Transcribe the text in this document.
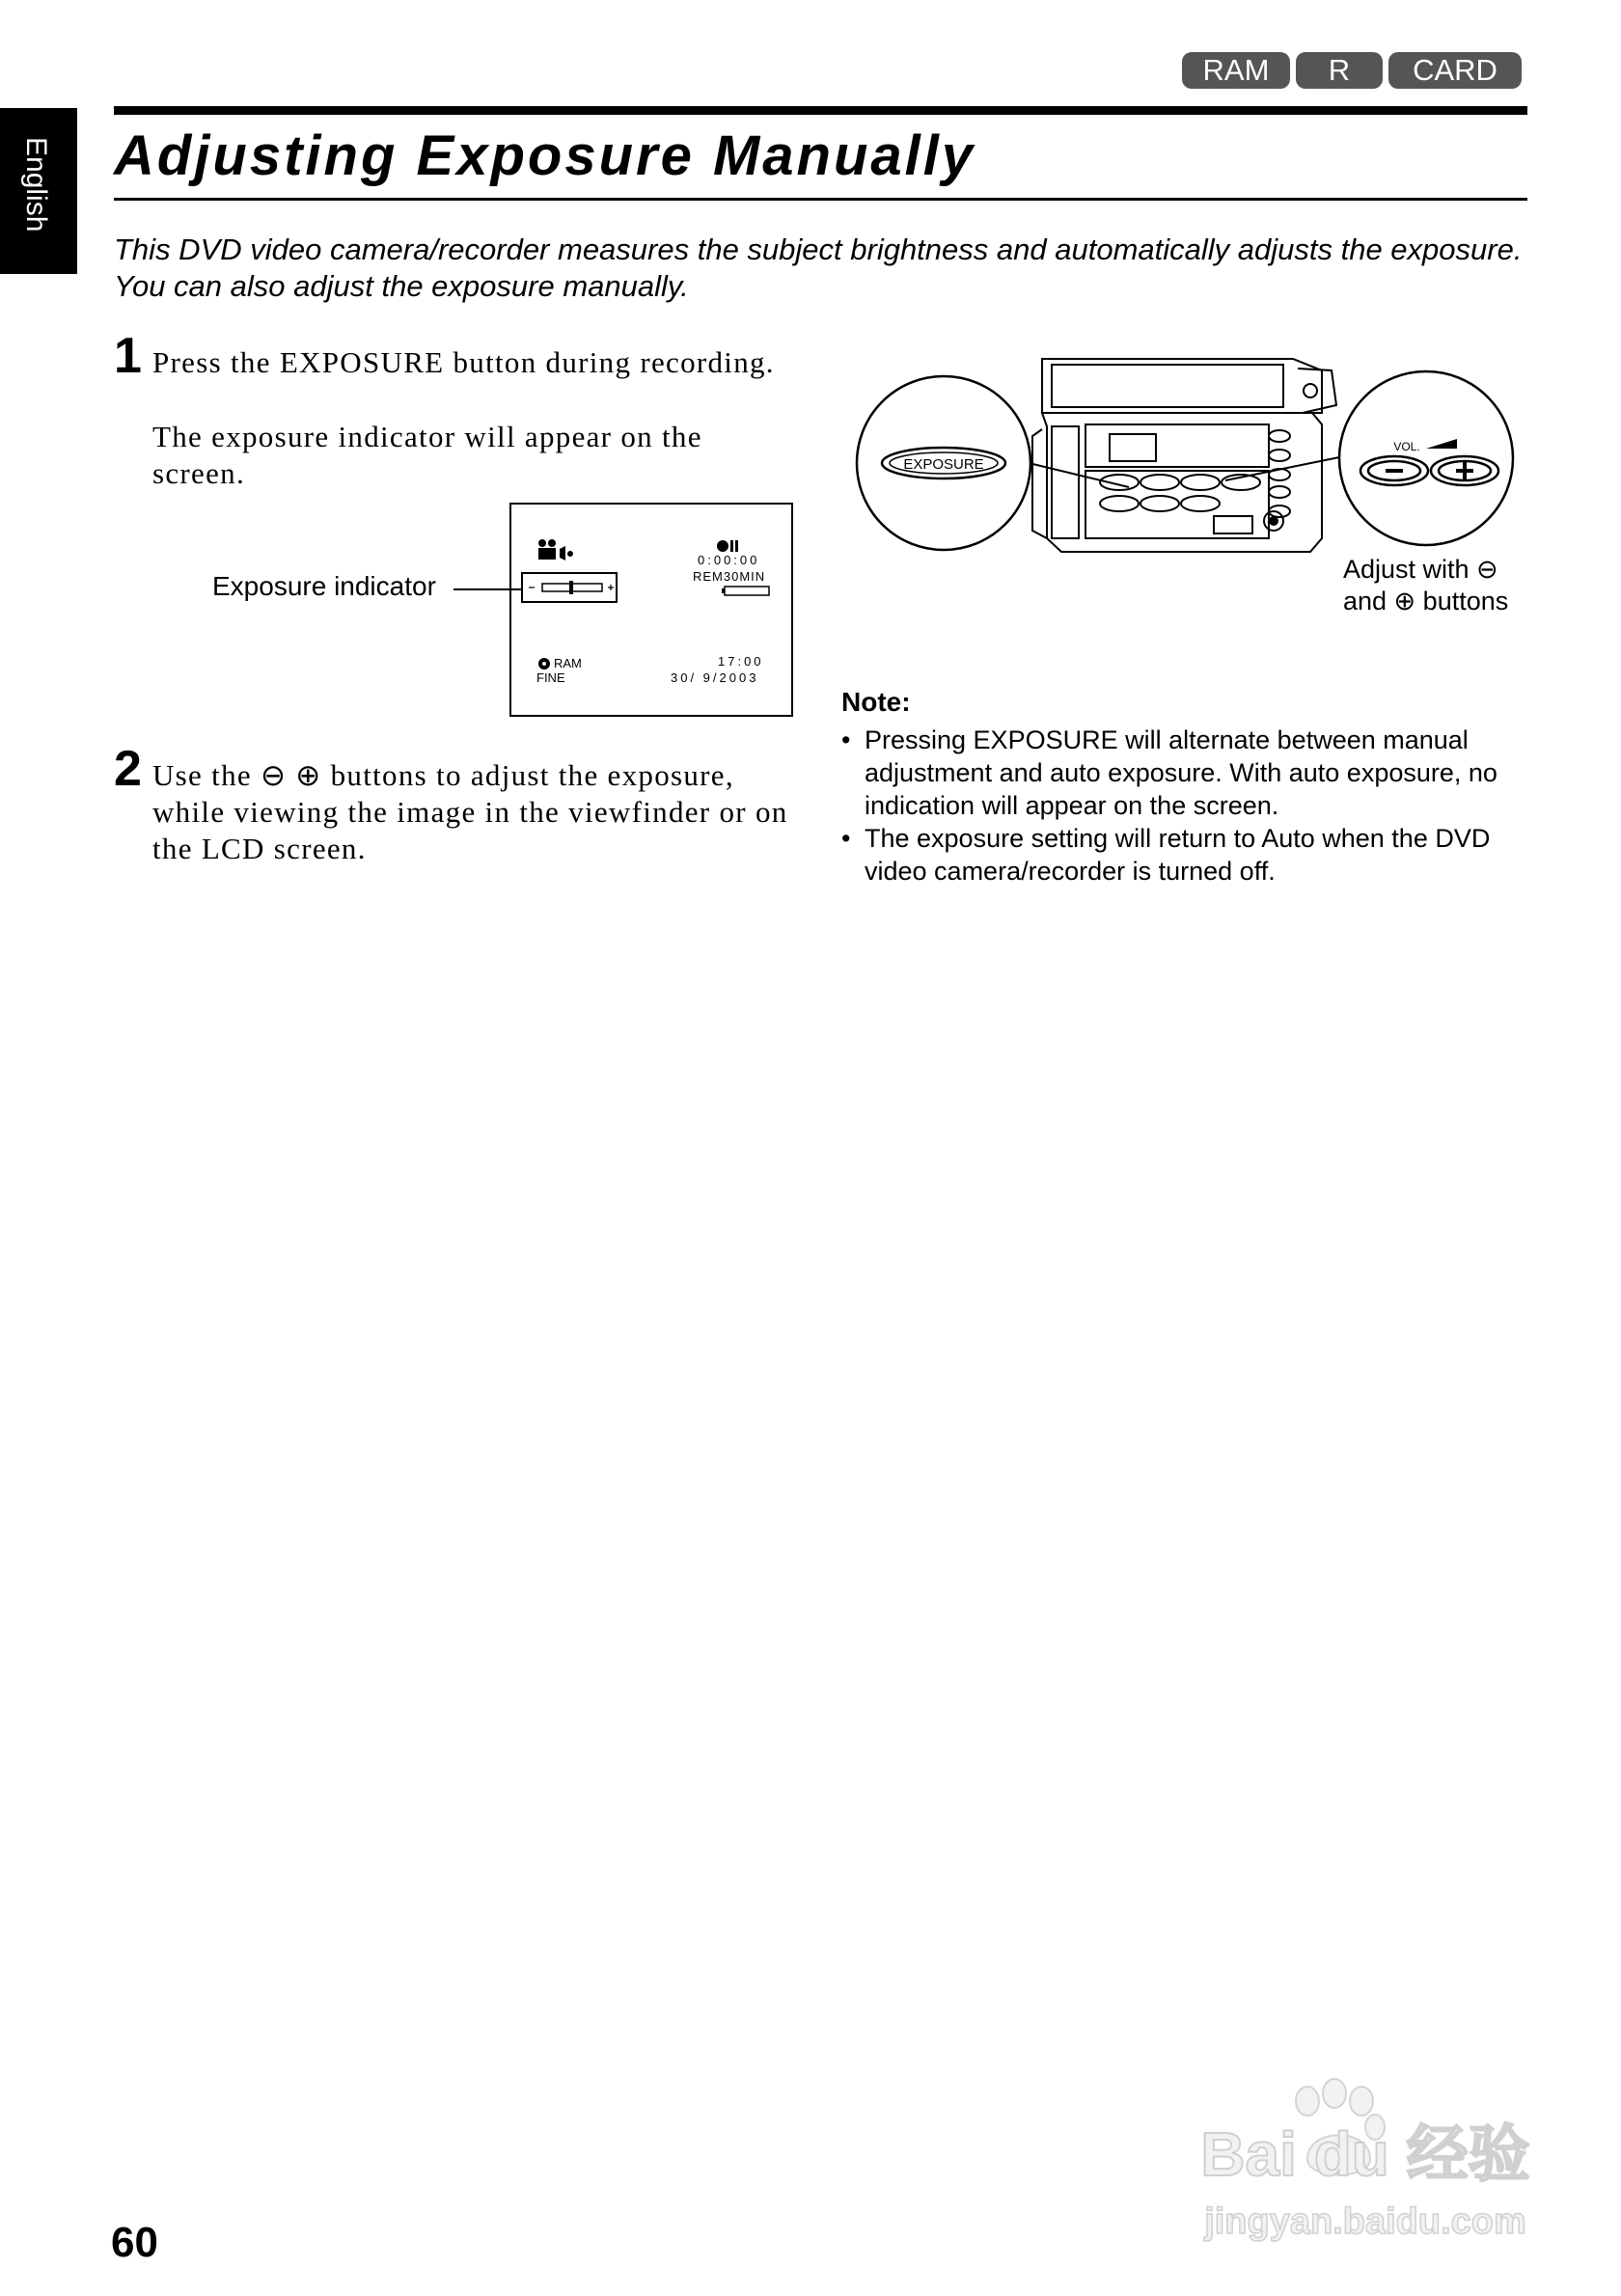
English
RAM	R	CARD
Adjusting Exposure Manually

This DVD video camera/recorder measures the subject brightness and automatically adjusts the exposure. You can also adjust the exposure manually.

1 Press the EXPOSURE button during recording.

The exposure indicator will appear on the screen.

Exposure indicator
0:00:00
REM30MIN
RAM
FINE
17:00
30/ 9/2003
2 Use the ⊖ ⊕ buttons to adjust the exposure, while viewing the image in the viewfinder or on the LCD screen.

EXPOSURE
VOL.
Adjust with ⊖
and ⊕ buttons
Note:
• Pressing EXPOSURE will alternate between manual adjustment and auto exposure. With auto exposure, no indication will appear on the screen.
• The exposure setting will return to Auto when the DVD video camera/recorder is turned off.
60
Bai du 经验
jingyan.baidu.com
